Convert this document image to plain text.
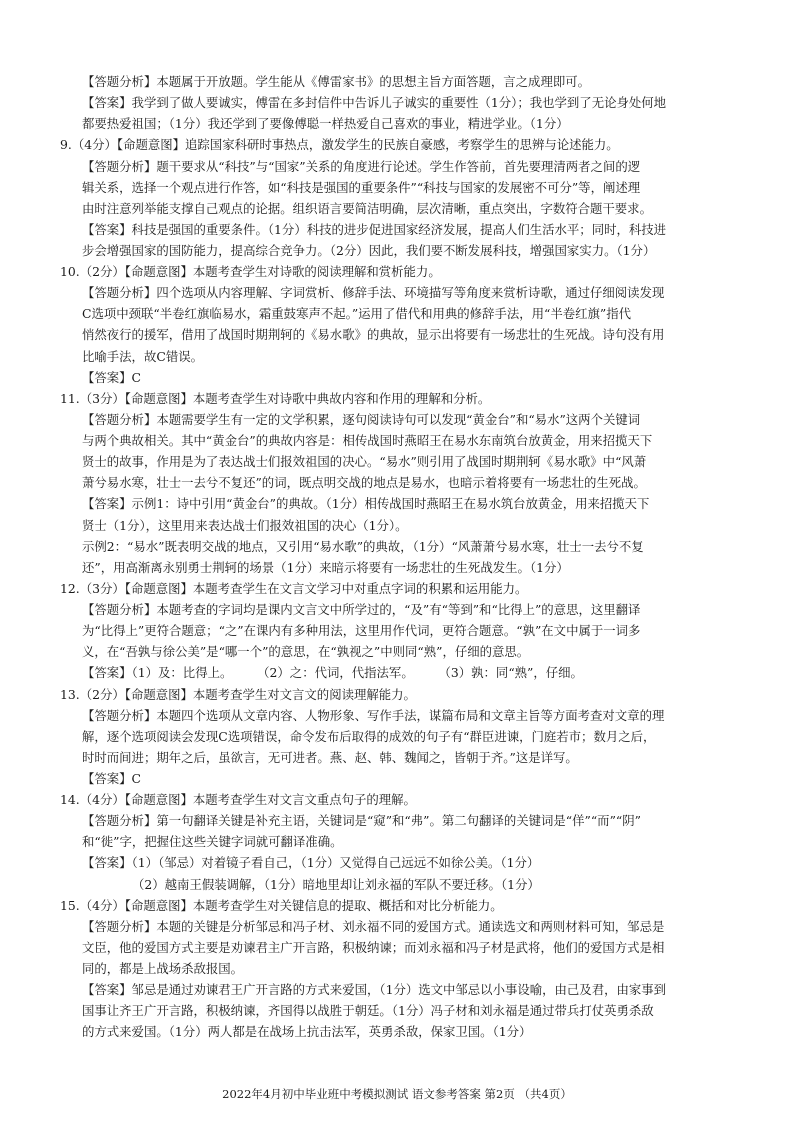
【答题分析】本题属于开放题。学生能从《傅雷家书》的思想主旨方面答题，言之成理即可。
【答案】我学到了做人要诚实，傅雷在多封信件中告诉儿子诚实的重要性（1分）；我也学到了无论身处何地
都要热爱祖国；（1分）我还学到了要像傅聪一样热爱自己喜欢的事业，精进学业。（1分）
9.（4分）【命题意图】追踪国家科研时事热点，激发学生的民族自豪感，考察学生的思辨与论述能力。
【答题分析】题干要求从“科技”与“国家”关系的角度进行论述。学生作答前，首先要理清两者之间的逻
辑关系，选择一个观点进行作答，如“科技是强国的重要条件”“科技与国家的发展密不可分”等，阐述理
由时注意列举能支撑自己观点的论据。组织语言要简洁明确，层次清晰，重点突出，字数符合题干要求。
【答案】科技是强国的重要条件。（1分）科技的进步促进国家经济发展，提高人们生活水平；同时，科技进
步会增强国家的国防能力，提高综合竞争力。（2分）因此，我们要不断发展科技，增强国家实力。（1分）
10.（2分）【命题意图】本题考查学生对诗歌的阅读理解和赏析能力。
【答题分析】四个选项从内容理解、字词赏析、修辞手法、环境描写等角度来赏析诗歌，通过仔细阅读发现
C选项中颈联“半卷红旗临易水，霜重鼓寒声不起。”运用了借代和用典的修辞手法，用“半卷红旗”指代
悄然夜行的援军，借用了战国时期荆轲的《易水歌》的典故，显示出将要有一场悲壮的生死战。诗句没有用
比喻手法，故C错误。
【答案】C
11.（3分）【命题意图】本题考查学生对诗歌中典故内容和作用的理解和分析。
【答题分析】本题需要学生有一定的文学积累，逐句阅读诗句可以发现“黄金台”和“易水”这两个关键词
与两个典故相关。其中“黄金台”的典故内容是：相传战国时燕昭王在易水东南筑台放黄金，用来招揽天下
贤士的故事，作用是为了表达战士们报效祖国的决心。“易水”则引用了战国时期荆轲《易水歌》中“风萧
萧兮易水寒，壮士一去兮不复还”的词，既点明交战的地点是易水，也暗示着将要有一场悲壮的生死战。
【答案】示例1：诗中引用“黄金台”的典故。（1分）相传战国时燕昭王在易水筑台放黄金，用来招揽天下
贤士（1分），这里用来表达战士们报效祖国的决心（1分）。
示例2：“易水”既表明交战的地点，又引用“易水歌”的典故，（1分）“风萧萧兮易水寒，壮士一去兮不复
还”，用高渐离永别勇士荆轲的场景（1分）来暗示将要有一场悲壮的生死战发生。（1分）
12.（3分）【命题意图】本题考查学生在文言文学习中对重点字词的积累和运用能力。
【答题分析】本题考查的字词均是课内文言文中所学过的，“及”有“等到”和“比得上”的意思，这里翻译
为“比得上”更符合题意；“之”在课内有多种用法，这里用作代词，更符合题意。“孰”在文中属于一词多
义，在“吾孰与徐公美”是“哪一个”的意思，在“孰视之”中则同“熟”，仔细的意思。
【答案】（1）及：比得上。　　　（2）之：代词，代指法军。　　　（3）孰：同“熟”，仔细。
13.（2分）【命题意图】本题考查学生对文言文的阅读理解能力。
【答题分析】本题四个选项从文章内容、人物形象、写作手法，谋篇布局和文章主旨等方面考查对文章的理
解，逐个选项阅读会发现C选项错误，命令发布后取得的成效的句子有“群臣进谏，门庭若市；数月之后，
时时而间进；期年之后，虽欲言，无可进者。燕、赵、韩、魏闻之，皆朝于齐。”这是详写。
【答案】C
14.（4分）【命题意图】本题考查学生对文言文重点句子的理解。
【答题分析】第一句翻译关键是补充主语，关键词是“窥”和“弗”。第二句翻译的关键词是“佯”“而”“阴”
和“徙”字，把握住这些关键字词就可翻译准确。
【答案】（1）（邹忌）对着镜子看自己，（1分）又觉得自己远远不如徐公美。（1分）
（2）越南王假装调解，（1分）暗地里却让刘永福的军队不要迁移。（1分）
15.（4分）【命题意图】本题考查学生对关键信息的提取、概括和对比分析能力。
【答题分析】本题的关键是分析邹忌和冯子材、刘永福不同的爱国方式。通读选文和两则材料可知，邹忌是
文臣，他的爱国方式主要是劝谏君主广开言路，积极纳谏；而刘永福和冯子材是武将，他们的爱国方式是相
同的，都是上战场杀敌报国。
【答案】邹忌是通过劝谏君王广开言路的方式来爱国，（1分）选文中邹忌以小事设喻，由己及君，由家事到
国事让齐王广开言路，积极纳谏，齐国得以战胜于朝廷。（1分）冯子材和刘永福是通过带兵打仗英勇杀敌
的方式来爱国。（1分）两人都是在战场上抗击法军，英勇杀敌，保家卫国。（1分）
2022年4月初中毕业班中考模拟测试 语文参考答案 第2页 （共4页）
